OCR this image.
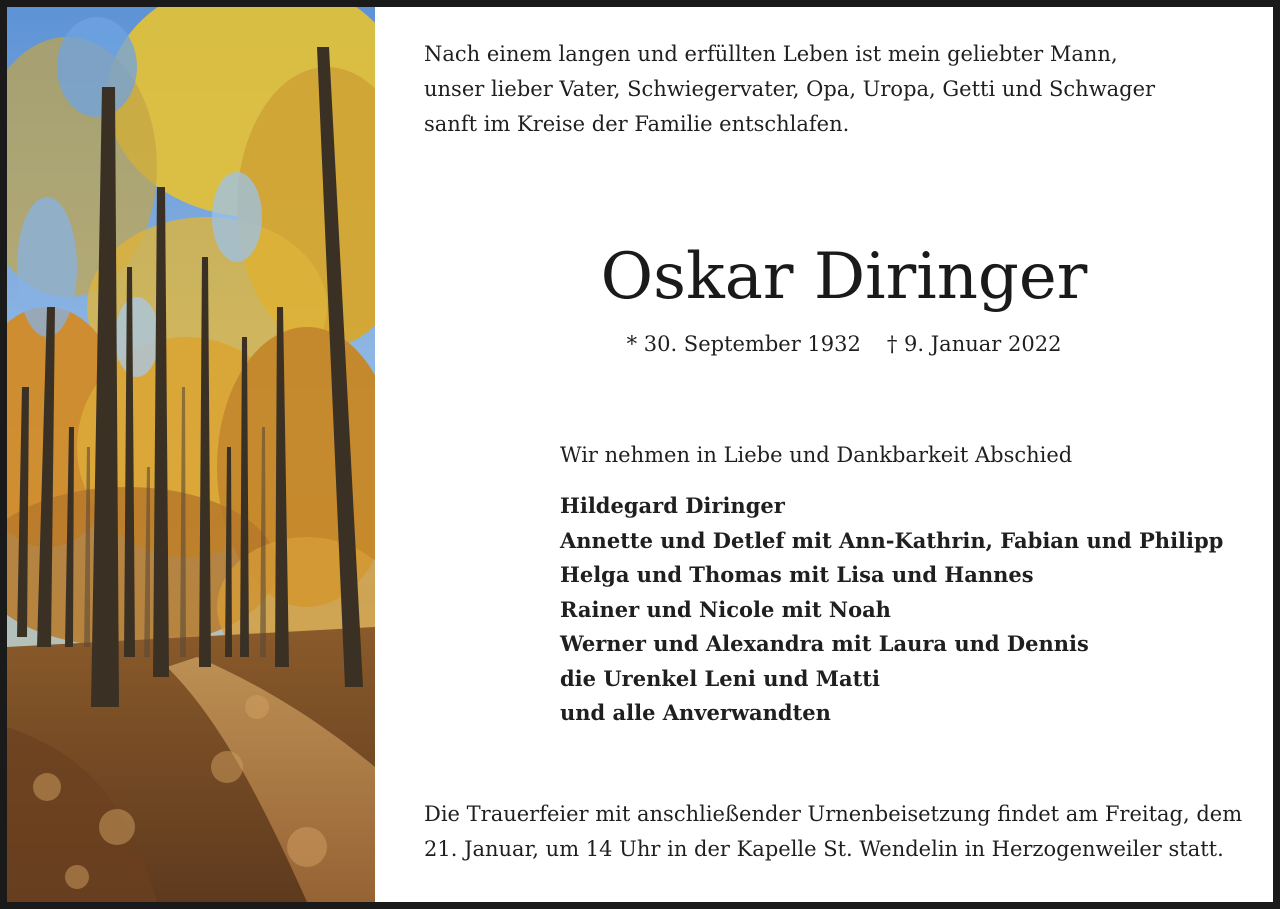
Nach einem langen und erfüllten Leben ist mein geliebter Mann,
unser lieber Vater, Schwiegervater, Opa, Uropa, Getti und Schwager
sanft im Kreise der Familie entschlafen.
Oskar Diringer
* 30. September 1932 † 9. Januar 2022
Wir nehmen in Liebe und Dankbarkeit Abschied
Hildegard Diringer
Annette und Detlef mit Ann-Kathrin, Fabian und Philipp
Helga und Thomas mit Lisa und Hannes
Rainer und Nicole mit Noah
Werner und Alexandra mit Laura und Dennis
die Urenkel Leni und Matti
und alle Anverwandten
Die Trauerfeier mit anschließender Urnenbeisetzung findet am Freitag, dem
21. Januar, um 14 Uhr in der Kapelle St. Wendelin in Herzogenweiler statt.
